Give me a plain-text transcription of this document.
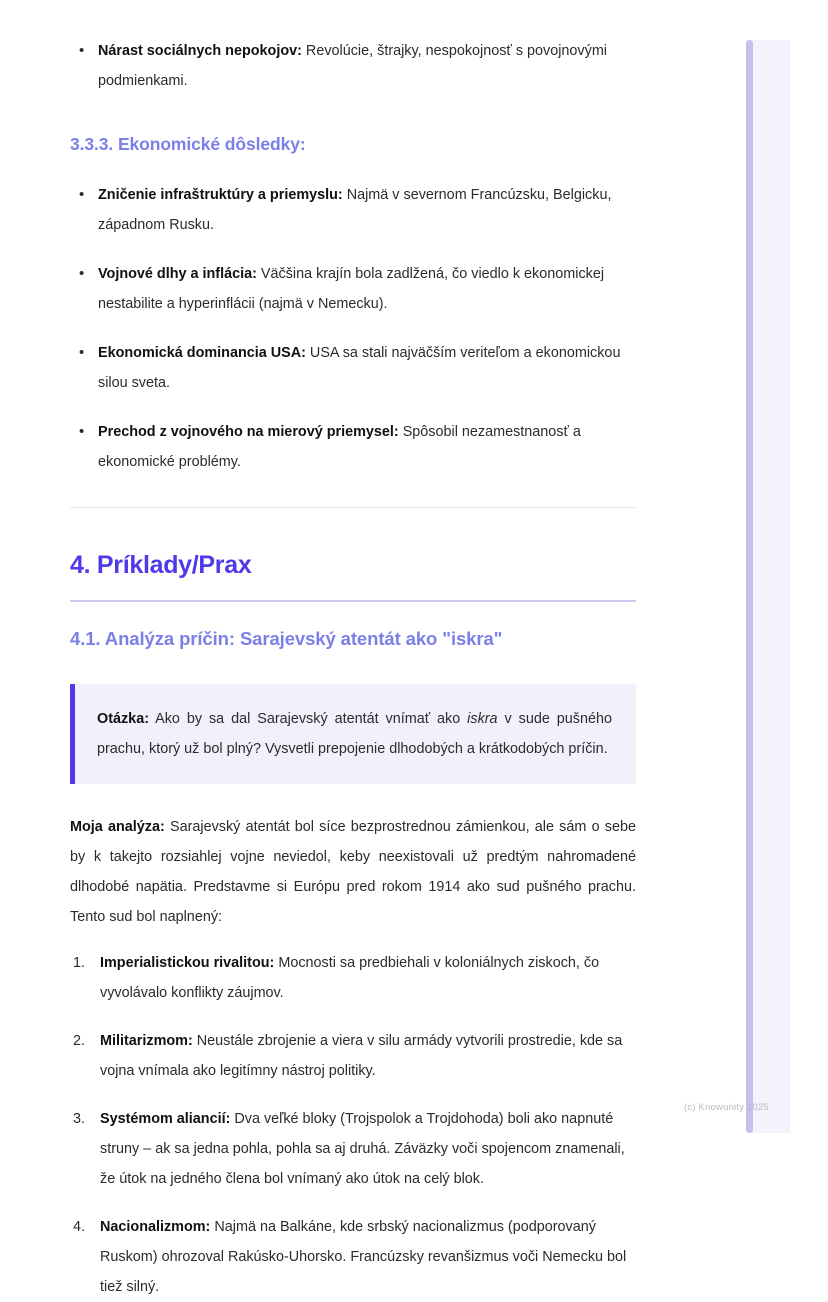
• Nárast sociálnych nepokojov: Revolúcie, štrajky, nespokojnosť s povojnovými podmienkami.
3.3.3. Ekonomické dôsledky:
• Zničenie infraštruktúry a priemyslu: Najmä v severnom Francúzsku, Belgicku, západnom Rusku.
• Vojnové dlhy a inflácia: Väčšina krajín bola zadlžená, čo viedlo k ekonomickej nestabilite a hyperinflácii (najmä v Nemecku).
• Ekonomická dominancia USA: USA sa stali najväčším veriteľom a ekonomickou silou sveta.
• Prechod z vojnového na mierový priemysel: Spôsobil nezamestnanosť a ekonomické problémy.
4. Príklady/Prax
4.1. Analýza príčin: Sarajevský atentát ako "iskra"

Otázka: Ako by sa dal Sarajevský atentát vnímať ako iskra v sude pušného prachu, ktorý už bol plný? Vysvetli prepojenie dlhodobých a krátkodobých príčin.

Moja analýza: Sarajevský atentát bol síce bezprostrednou zámienkou, ale sám o sebe by k takejto rozsiahlej vojne neviedol, keby neexistovali už predtým nahromadené dlhodobé napätia. Predstavme si Európu pred rokom 1914 ako sud pušného prachu. Tento sud bol naplnený:

Imperialistickou rivalitou: Mocnosti sa predbiehali v koloniálnych ziskoch, čo vyvolávalo konflikty záujmov.
Militarizmom: Neustále zbrojenie a viera v silu armády vytvorili prostredie, kde sa vojna vnímala ako legitímny nástroj politiky.
Systémom aliancií: Dva veľké bloky (Trojspolok a Trojdohoda) boli ako napnuté struny – ak sa jedna pohla, pohla sa aj druhá. Záväzky voči spojencom znamenali, že útok na jedného člena bol vnímaný ako útok na celý blok.
Nacionalizmom: Najmä na Balkáne, kde srbský nacionalizmus (podporovaný Ruskom) ohrozoval Rakúsko-Uhorsko. Francúzsky revanšizmus voči Nemecku bol tiež silný.
(c) Knowunity 2025
